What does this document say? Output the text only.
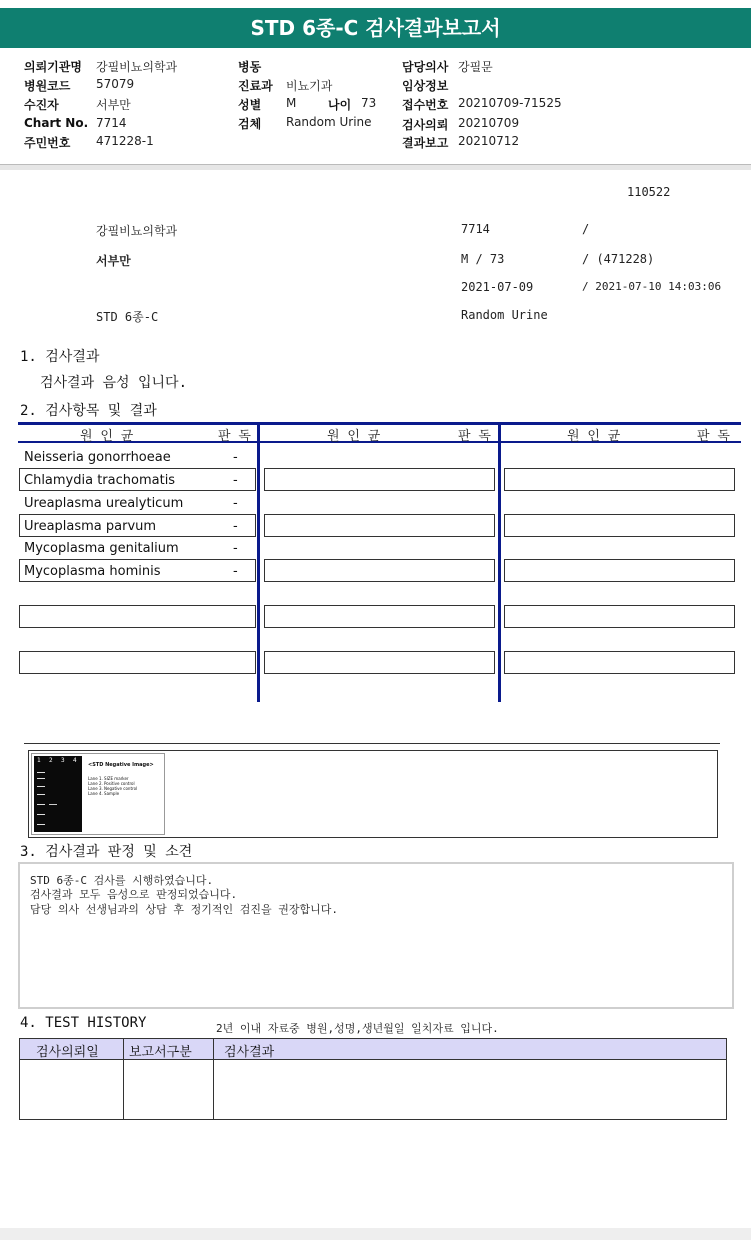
STD 6종-C 검사결과보고서
의뢰기관명 강필비뇨의학과
병원코드 57079
수진자	서부만
Chart No. 7714
주민번호 471228-1
병동
진료과 비뇨기과
성별 M	나이 73
검체 Random Urine
담당의사 강필문
임상정보
접수번호 20210709-71525
검사의뢰 20210709
결과보고 20210712
110522
강필비뇨의학과	7714	/
서부만	M / 73	/ (471228)
2021-07-09	/ 2021-07-10 14:03:06
STD 6종-C	Random Urine
1. 검사결과
검사결과 음성 입니다.
2. 검사항목 및 결과
원 인 균	판 독	원 인 균	판 독	원 인 균	판 독
Neisseria gonorrhoeae	-
Chlamydia trachomatis	-
Ureaplasma urealyticum	-
Ureaplasma parvum	-
Mycoplasma genitalium	-
Mycoplasma hominis	-
1 2 3 4
<STD Negative Image>
Lane 1. SIZE marker
Lane 2. Positive control
Lane 3. Negative control
Lane 4. Sample
3. 검사결과 판정 및 소견
STD 6종-C 검사를 시행하였습니다.
검사결과 모두 음성으로 판정되었습니다.
담당 의사 선생님과의 상담 후 정기적인 검진을 권장합니다.
4. TEST HISTORY	2년 이내 자료중 병원,성명,생년월일 일치자료 입니다.
검사의뢰일 보고서구분 검사결과
